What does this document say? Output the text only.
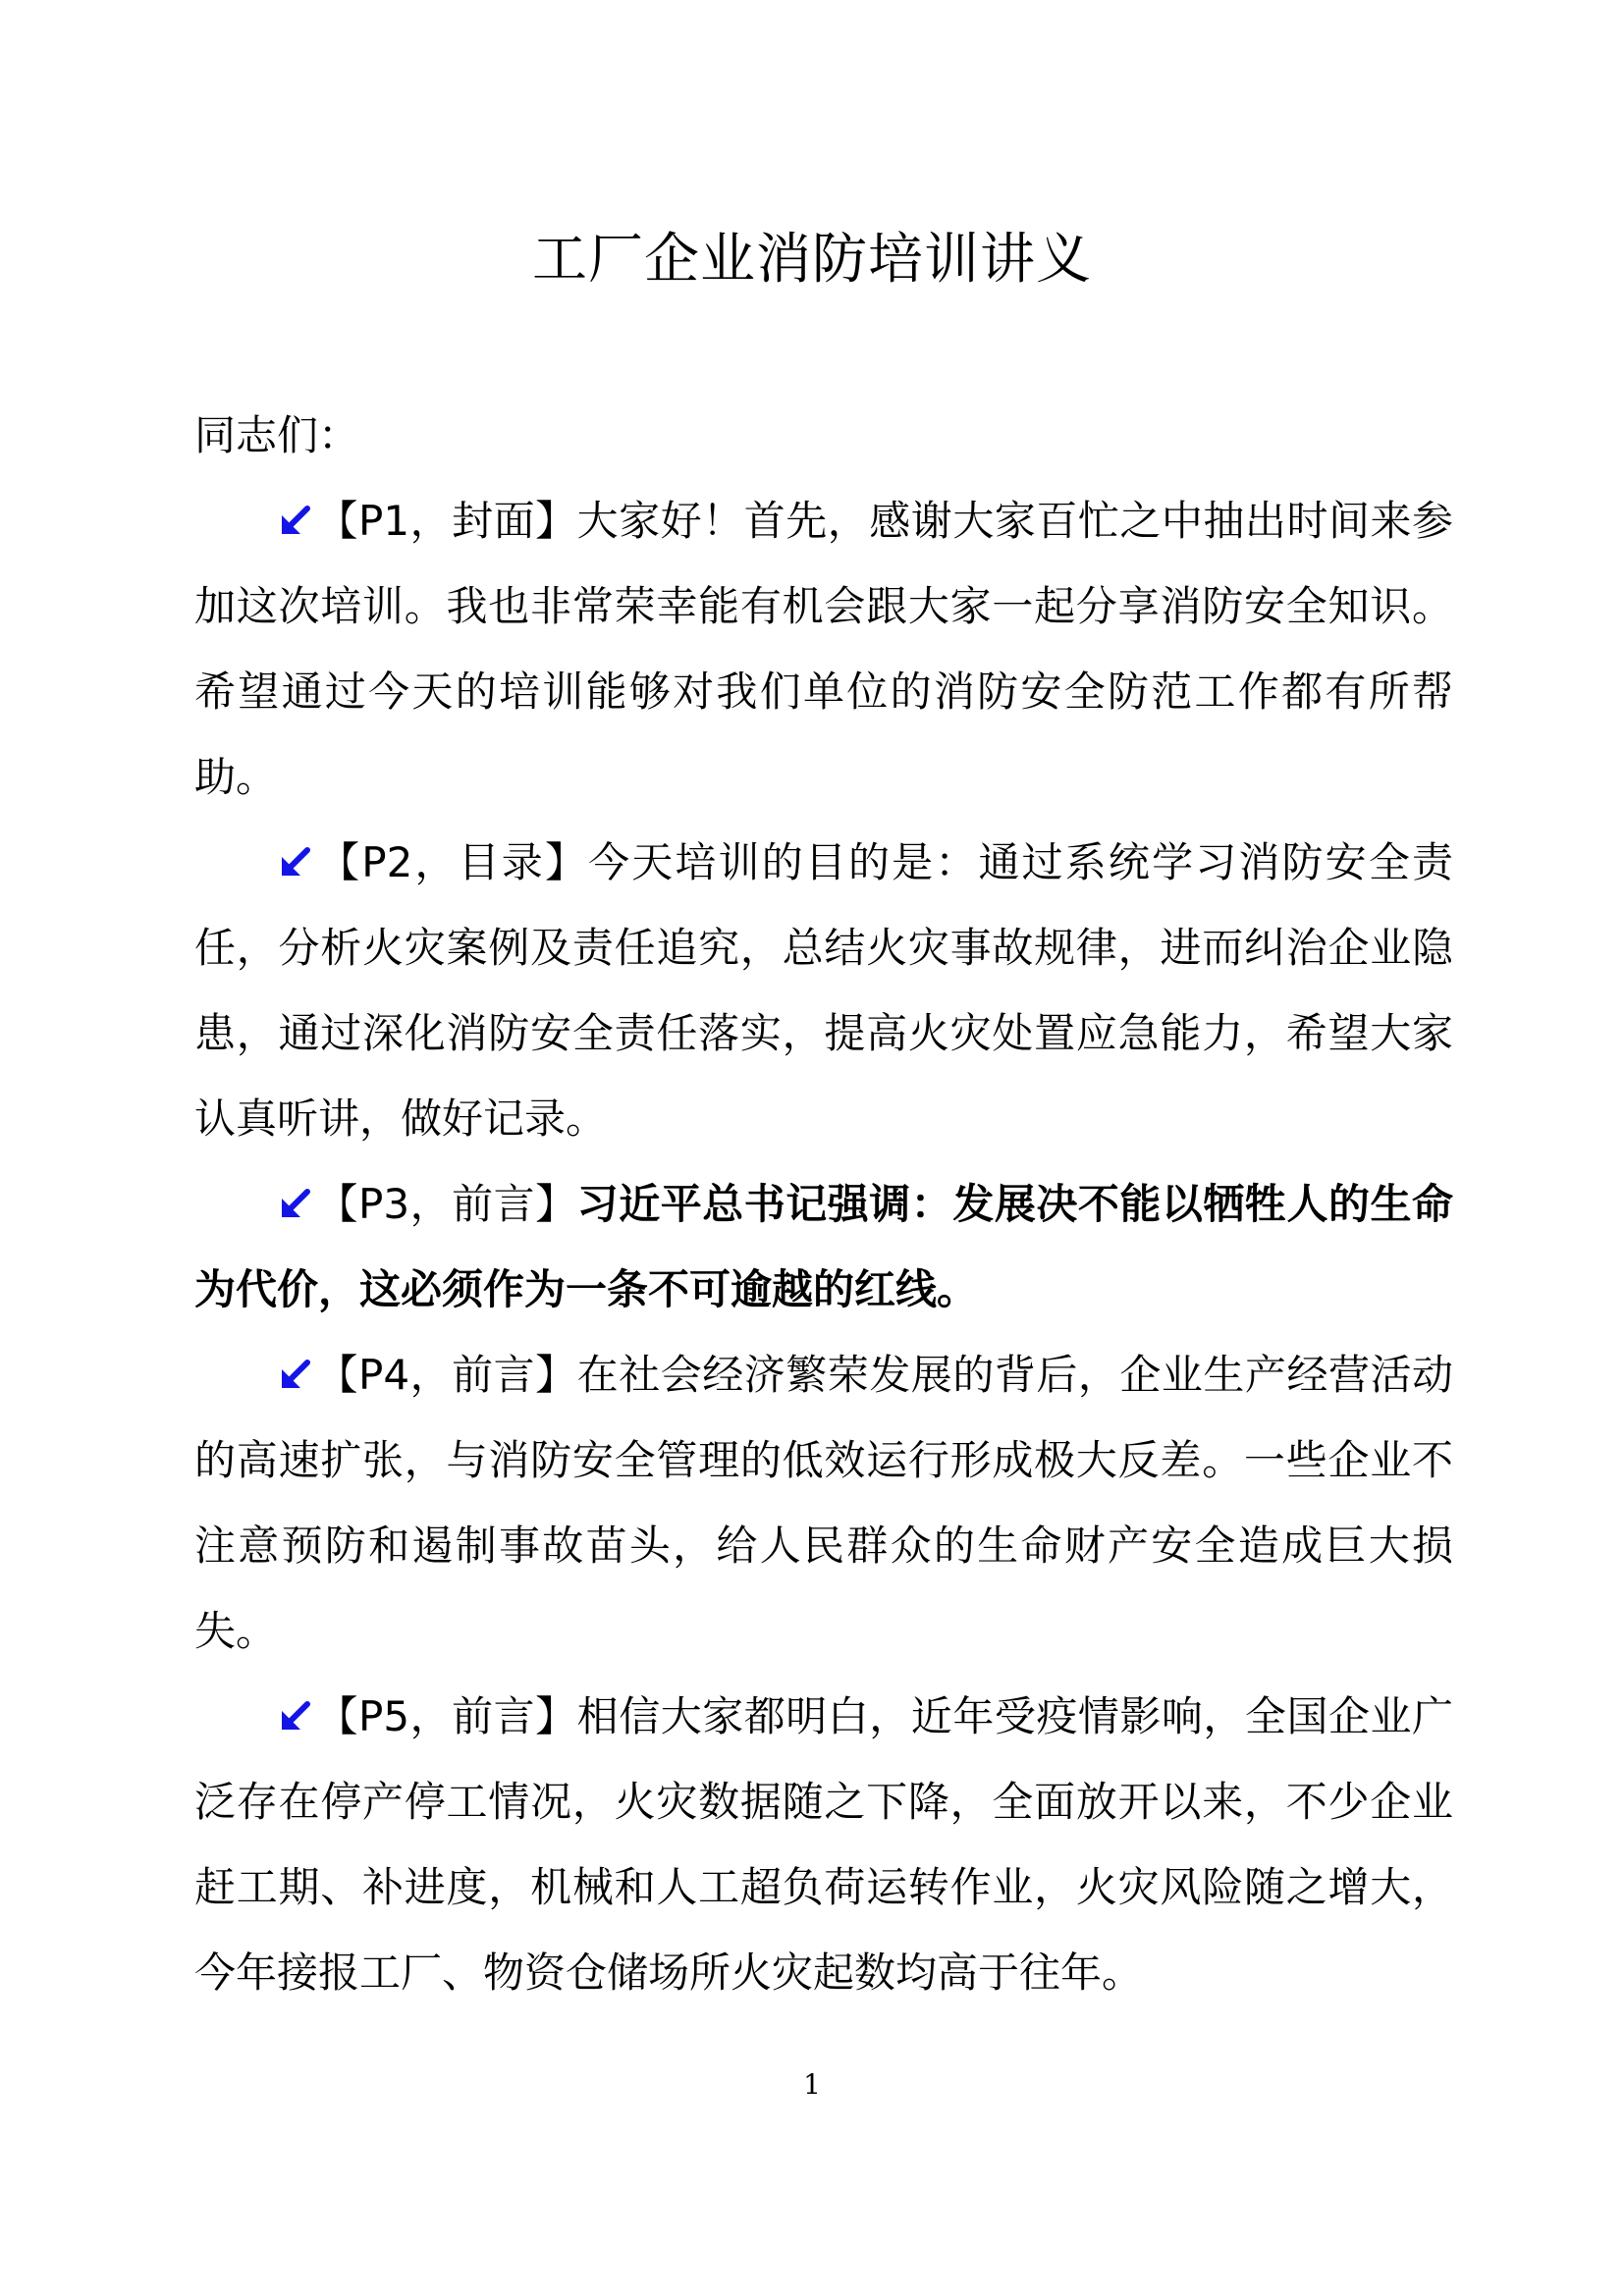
工厂企业消防培训讲义

同志们：

【P1，封面】大家好！首先，感谢大家百忙之中抽出时间来参加这次培训。我也非常荣幸能有机会跟大家一起分享消防安全知识。希望通过今天的培训能够对我们单位的消防安全防范工作都有所帮助。

【P2，目录】今天培训的目的是：通过系统学习消防安全责任，分析火灾案例及责任追究，总结火灾事故规律，进而纠治企业隐患，通过深化消防安全责任落实，提高火灾处置应急能力，希望大家认真听讲，做好记录。

【P3，前言】习近平总书记强调：发展决不能以牺牲人的生命为代价，这必须作为一条不可逾越的红线。

【P4，前言】在社会经济繁荣发展的背后，企业生产经营活动的高速扩张，与消防安全管理的低效运行形成极大反差。一些企业不注意预防和遏制事故苗头，给人民群众的生命财产安全造成巨大损失。

【P5，前言】相信大家都明白，近年受疫情影响，全国企业广泛存在停产停工情况，火灾数据随之下降，全面放开以来，不少企业赶工期、补进度，机械和人工超负荷运转作业，火灾风险随之增大，今年接报工厂、物资仓储场所火灾起数均高于往年。

1
